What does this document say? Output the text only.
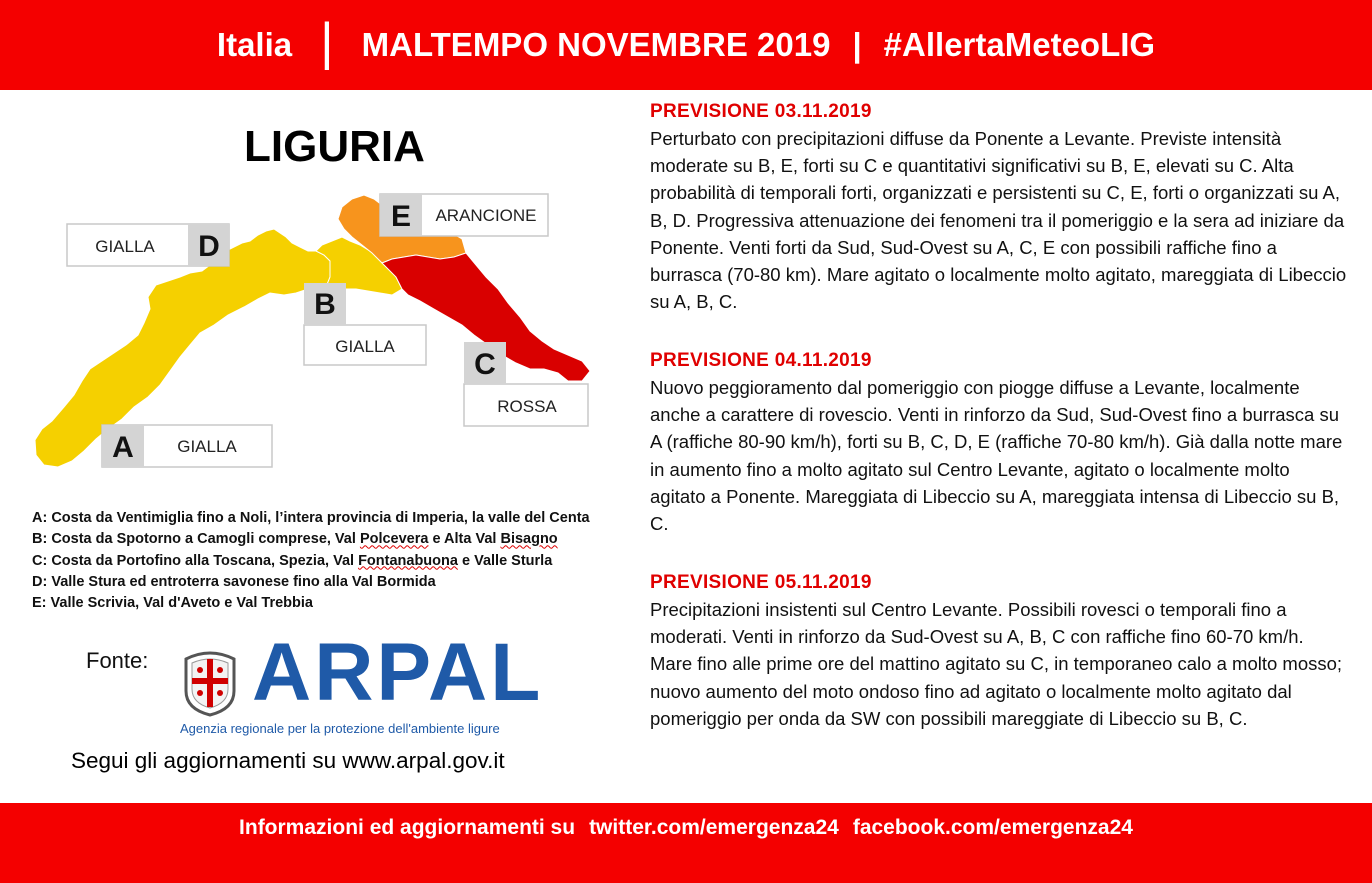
Italia | MALTEMPO NOVEMBRE 2019 | #AllertaMeteoLIG
LIGURIA
GIALLA D
E ARANCIONE
B
GIALLA
C
ROSSA
A	GIALLA
A: Costa da Ventimiglia fino a Noli, l’intera provincia di Imperia, la valle del Centa
B: Costa da Spotorno a Camogli comprese, Val Polcevera e Alta Val Bisagno
C: Costa da Portofino alla Toscana, Spezia, Val Fontanabuona e Valle Sturla
D: Valle Stura ed entroterra savonese fino alla Val Bormida
E: Valle Scrivia, Val d'Aveto e Val Trebbia
Fonte: ARPAL
Agenzia regionale per la protezione dell'ambiente ligure
Segui gli aggiornamenti su www.arpal.gov.it
PREVISIONE 03.11.2019

Perturbato con precipitazioni diffuse da Ponente a Levante. Previste intensità moderate su B, E, forti su C e quantitativi significativi su B, E, elevati su C. Alta probabilità di temporali forti, organizzati e persistenti su C, E, forti o organizzati su A, B, D. Progressiva attenuazione dei fenomeni tra il pomeriggio e la sera ad iniziare da Ponente. Venti forti da Sud, Sud-Ovest su A, C, E con possibili raffiche fino a burrasca (70-80 km). Mare agitato o localmente molto agitato, mareggiata di Libeccio su A, B, C.

PREVISIONE 04.11.2019

Nuovo peggioramento dal pomeriggio con piogge diffuse a Levante, localmente anche a carattere di rovescio. Venti in rinforzo da Sud, Sud-Ovest fino a burrasca su A (raffiche 80-90 km/h), forti su B, C, D, E (raffiche 70-80 km/h). Già dalla notte mare in aumento fino a molto agitato sul Centro Levante, agitato o localmente molto agitato a Ponente. Mareggiata di Libeccio su A, mareggiata intensa di Libeccio su B, C.

PREVISIONE 05.11.2019

Precipitazioni insistenti sul Centro Levante. Possibili rovesci o temporali fino a moderati. Venti in rinforzo da Sud-Ovest su A, B, C con raffiche fino 60-70 km/h. Mare fino alle prime ore del mattino agitato su C, in temporaneo calo a molto mosso; nuovo aumento del moto ondoso fino ad agitato o localmente molto agitato dal pomeriggio per onda da SW con possibili mareggiate di Libeccio su B, C.

Informazioni ed aggiornamenti su twitter.com/emergenza24 facebook.com/emergenza24
